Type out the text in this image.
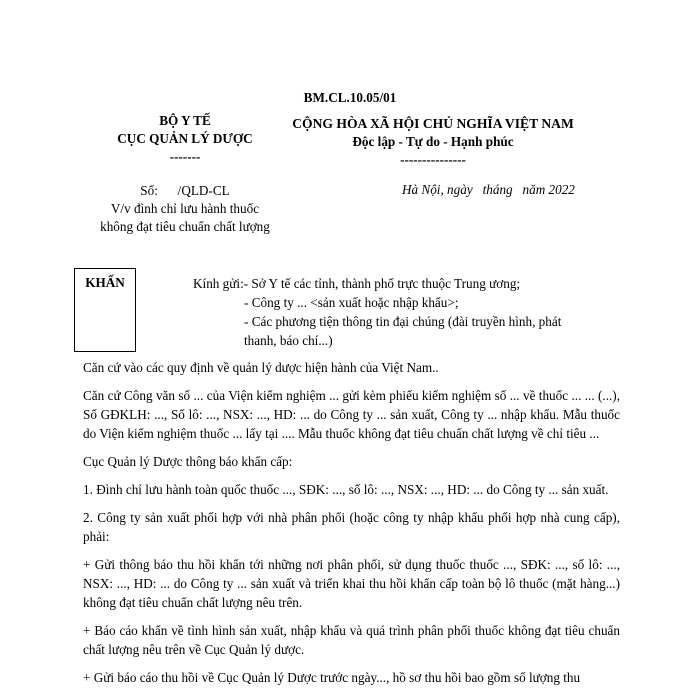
BM.CL.10.05/01
BỘ Y TẾ
CỤC QUẢN LÝ DƯỢC
-------
CỘNG HÒA XÃ HỘI CHỦ NGHĨA VIỆT NAM
Độc lập - Tự do - Hạnh phúc
---------------
Số:      /QLD-CL
V/v đình chỉ lưu hành thuốc
không đạt tiêu chuẩn chất lượng
Hà Nội, ngày   tháng   năm 2022
KHẨN	Kính gửi:- Sở Y tế các tỉnh, thành phố trực thuộc Trung ương;
- Công ty ... <sản xuất hoặc nhập khẩu>;
- Các phương tiện thông tin đại chúng (đài truyền hình, phát
thanh, báo chí...)

Căn cứ vào các quy định về quản lý dược hiện hành của Việt Nam..

Căn cứ Công văn số ... của Viện kiểm nghiệm ... gửi kèm phiếu kiểm nghiệm số ... về thuốc ... ... (...), Số GĐKLH: ..., Số lô: ..., NSX: ..., HD: ... do Công ty ... sản xuất, Công ty ... nhập khẩu. Mẫu thuốc do Viện kiểm nghiệm thuốc ... lấy tại .... Mẫu thuốc không đạt tiêu chuẩn chất lượng về chỉ tiêu ...

Cục Quản lý Dược thông báo khẩn cấp:

1. Đình chỉ lưu hành toàn quốc thuốc ..., SĐK: ..., số lô: ..., NSX: ..., HD: ... do Công ty ... sản xuất.

2. Công ty sản xuất phối hợp với nhà phân phối (hoặc công ty nhập khẩu phối hợp nhà cung cấp), phải:

+ Gửi thông báo thu hồi khẩn tới những nơi phân phối, sử dụng thuốc thuốc ..., SĐK: ..., số lô: ..., NSX: ..., HD: ... do Công ty ... sản xuất và triển khai thu hồi khẩn cấp toàn bộ lô thuốc (mặt hàng...) không đạt tiêu chuẩn chất lượng nêu trên.

+ Báo cáo khẩn về tình hình sản xuất, nhập khẩu và quá trình phân phối thuốc không đạt tiêu chuẩn chất lượng nêu trên về Cục Quản lý dược.

+ Gửi báo cáo thu hồi về Cục Quản lý Dược trước ngày..., hồ sơ thu hồi bao gồm số lượng thu
